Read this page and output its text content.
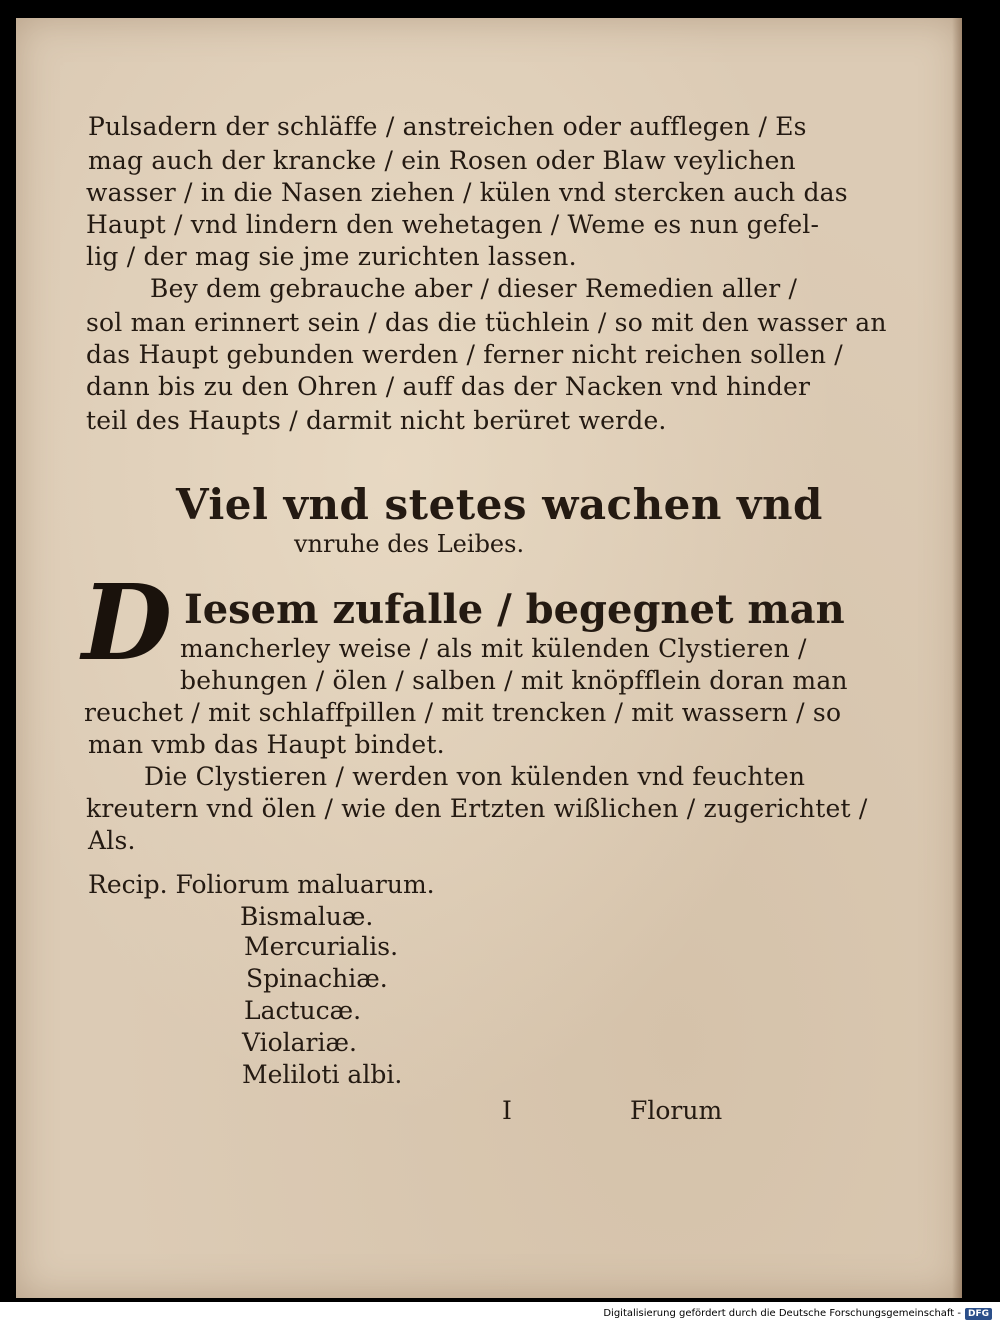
Pulsadern der schläffe / anstreichen oder aufflegen / Es
mag auch der krancke / ein Rosen oder Blaw veylichen
wasser / in die Nasen ziehen / külen vnd stercken auch das
Haupt / vnd lindern den wehetagen / Weme es nun gefel-
lig / der mag sie jme zurichten lassen.
Bey dem gebrauche aber / dieser Remedien aller /
sol man erinnert sein / das die tüchlein / so mit den wasser an
das Haupt gebunden werden / ferner nicht reichen sollen /
dann bis zu den Ohren / auff das der Nacken vnd hinder
teil des Haupts / darmit nicht berüret werde.
Viel vnd stetes wachen vnd
vnruhe des Leibes.
D Iesem zufalle / begegnet man
mancherley weise / als mit külenden Clystieren /
behungen / ölen / salben / mit knöpfflein doran man
reuchet / mit schlaffpillen / mit trencken / mit wassern / so
man vmb das Haupt bindet.
Die Clystieren / werden von külenden vnd feuchten
kreutern vnd ölen / wie den Ertzten wißlichen / zugerichtet /
Als.
Recip. Foliorum maluarum.
Bismaluæ.
Mercurialis.
Spinachiæ.
Lactucæ.
Violariæ.
Meliloti albi.
I	Florum
Digitalisierung gefördert durch die Deutsche Forschungsgemeinschaft - DFG
